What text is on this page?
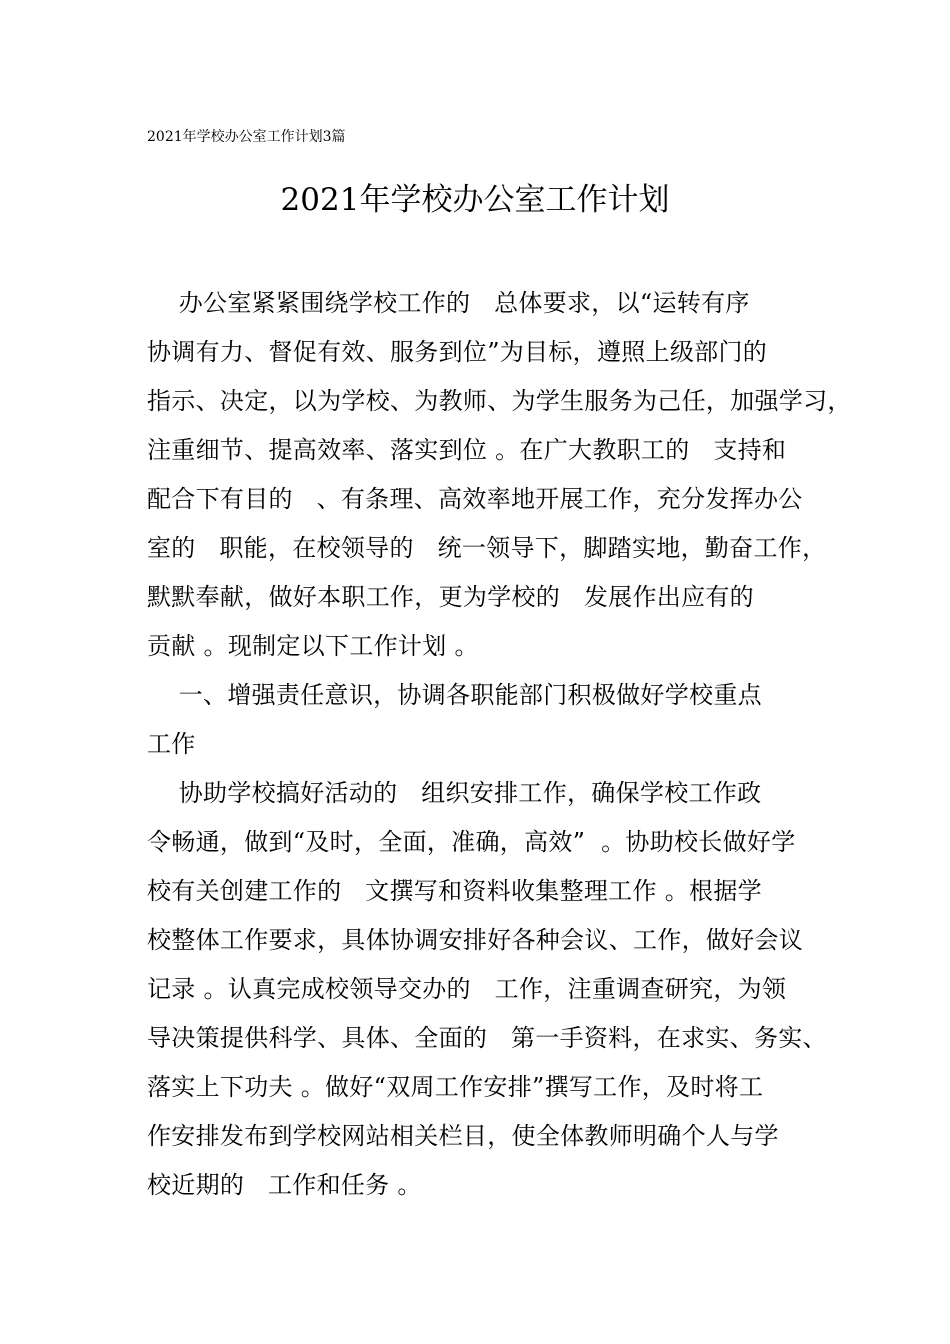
2021年学校办公室工作计划3篇
2021年学校办公室工作计划
办公室紧紧围绕学校工作的   总体要求，以“运转有序
协调有力、督促有效、服务到位”为目标，遵照上级部门的
指示、决定，以为学校、为教师、为学生服务为己任，加强学习，
注重细节、提高效率、落实到位 。在广大教职工的   支持和
配合下有目的   、有条理、高效率地开展工作，充分发挥办公
室的   职能，在校领导的   统一领导下，脚踏实地，勤奋工作，
默默奉献，做好本职工作，更为学校的   发展作出应有的
贡献 。现制定以下工作计划 。
一、增强责任意识，协调各职能部门积极做好学校重点
工作
协助学校搞好活动的   组织安排工作，确保学校工作政
令畅通，做到“及时，全面，准确，高效”  。协助校长做好学
校有关创建工作的   文撰写和资料收集整理工作 。根据学
校整体工作要求，具体协调安排好各种会议、工作，做好会议
记录 。认真完成校领导交办的   工作，注重调查研究，为领
导决策提供科学、具体、全面的   第一手资料，在求实、务实、
落实上下功夫 。做好“双周工作安排”撰写工作，及时将工
作安排发布到学校网站相关栏目，使全体教师明确个人与学
校近期的   工作和任务 。
